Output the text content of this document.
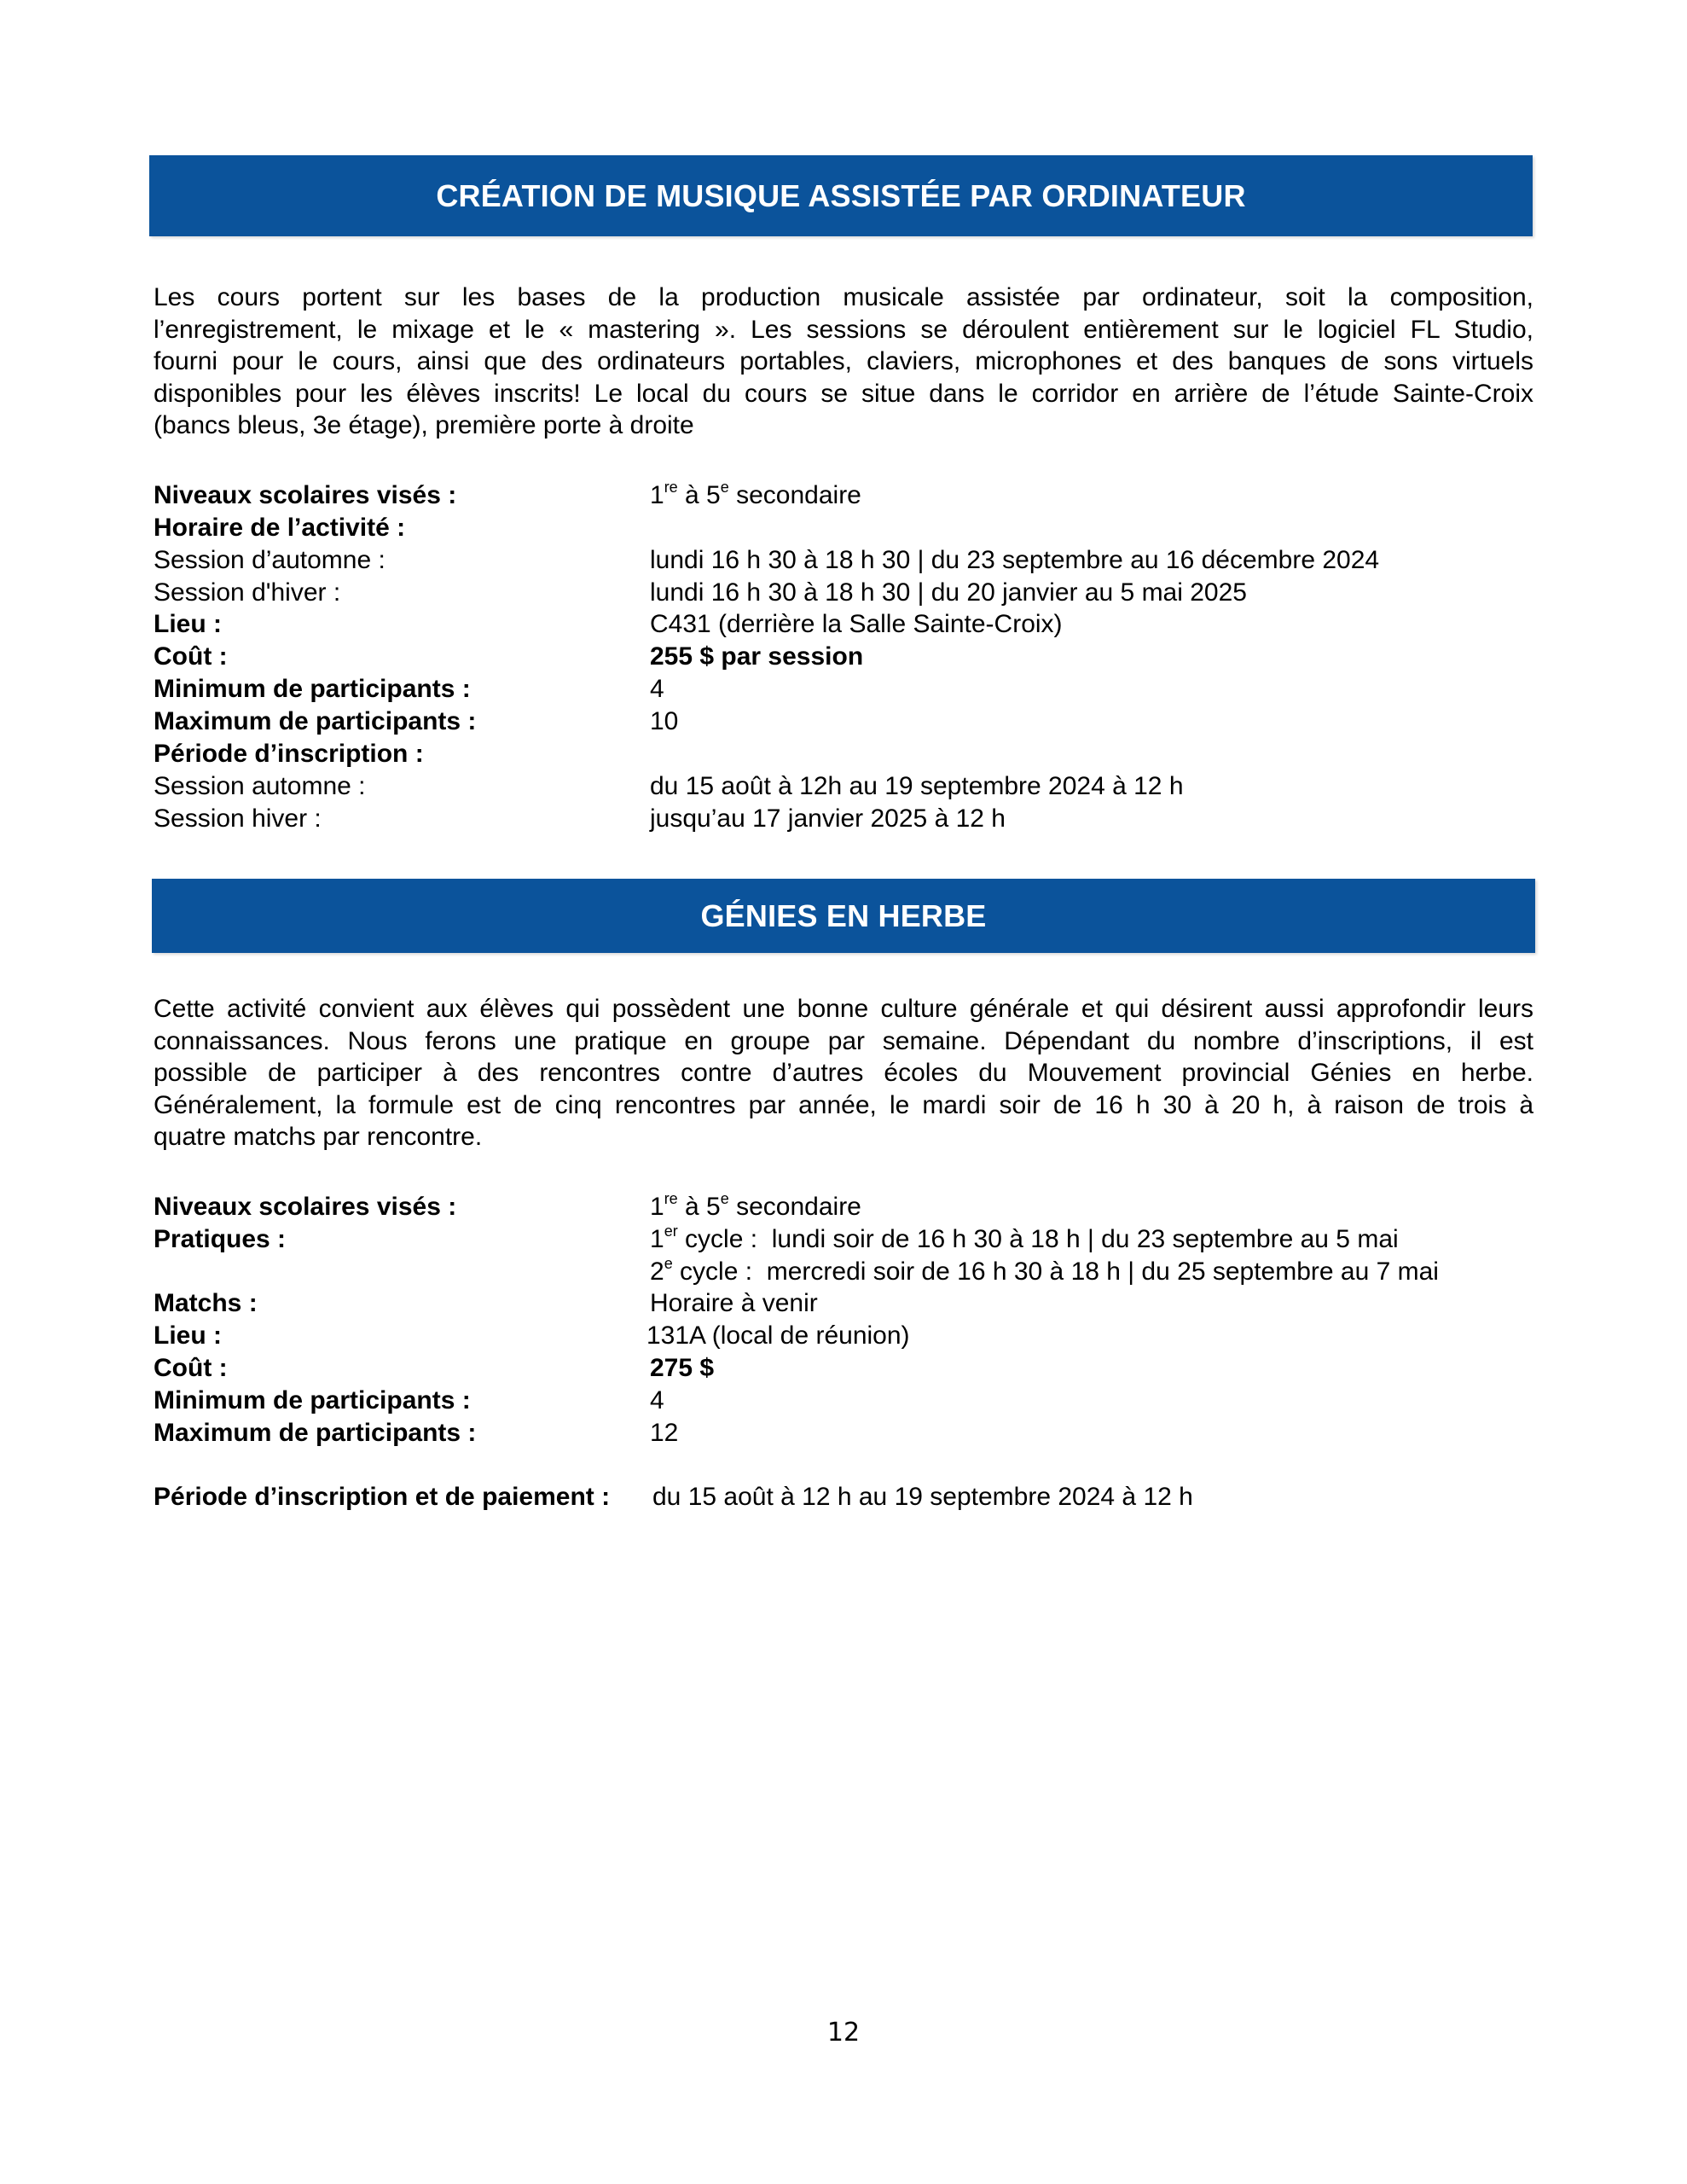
CRÉATION DE MUSIQUE ASSISTÉE PAR ORDINATEUR

Les cours portent sur les bases de la production musicale assistée par ordinateur, soit la composition,
l’enregistrement, le mixage et le « mastering ». Les sessions se déroulent entièrement sur le logiciel FL Studio,
fourni pour le cours, ainsi que des ordinateurs portables, claviers, microphones et des banques de sons virtuels
disponibles pour les élèves inscrits! Le local du cours se situe dans le corridor en arrière de l’étude Sainte-Croix
(bancs bleus, 3e étage), première porte à droite

Niveaux scolaires visés :	1re à 5e secondaire
Horaire de l’activité :
Session d’automne :	lundi 16 h 30 à 18 h 30 | du 23 septembre au 16 décembre 2024
Session d'hiver :	lundi 16 h 30 à 18 h 30 | du 20 janvier au 5 mai 2025
Lieu :	C431 (derrière la Salle Sainte-Croix)
Coût :	255 $ par session
Minimum de participants :	4
Maximum de participants :	10
Période d’inscription :
Session automne :	du 15 août à 12h au 19 septembre 2024 à 12 h
Session hiver :	jusqu’au 17 janvier 2025 à 12 h
GÉNIES EN HERBE

Cette activité convient aux élèves qui possèdent une bonne culture générale et qui désirent aussi approfondir leurs
connaissances. Nous ferons une pratique en groupe par semaine. Dépendant du nombre d’inscriptions, il est
possible de participer à des rencontres contre d’autres écoles du Mouvement provincial Génies en herbe.
Généralement, la formule est de cinq rencontres par année, le mardi soir de 16 h 30 à 20 h, à raison de trois à
quatre matchs par rencontre.

Niveaux scolaires visés :	1re à 5e secondaire
Pratiques :	1er cycle :  lundi soir de 16 h 30 à 18 h | du 23 septembre au 5 mai
2e cycle :  mercredi soir de 16 h 30 à 18 h | du 25 septembre au 7 mai
Matchs :	Horaire à venir
Lieu :	131A (local de réunion)
Coût :	275 $
Minimum de participants :	4
Maximum de participants :	12
Période d’inscription et de paiement : du 15 août à 12 h au 19 septembre 2024 à 12 h
12
